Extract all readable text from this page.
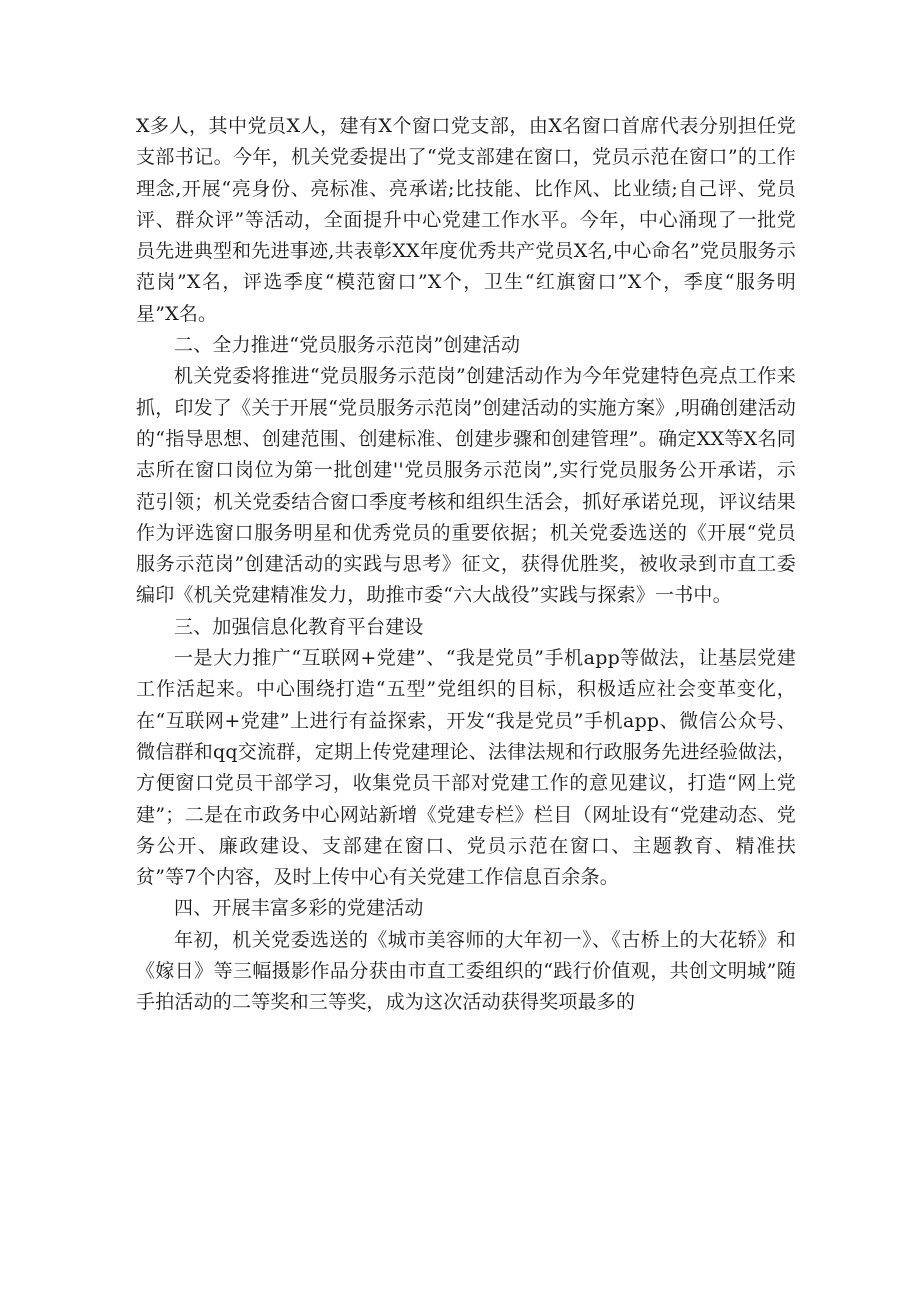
X多人，其中党员X人，建有X个窗口党支部，由X名窗口首席代表分别担任党支部书记。今年，机关党委提出了“党支部建在窗口，党员示范在窗口”的工作理念,开展“亮身份、亮标准、亮承诺;比技能、比作风、比业绩;自己评、党员评、群众评”等活动，全面提升中心党建工作水平。今年，中心涌现了一批党员先进典型和先进事迹,共表彰XX年度优秀共产党员X名,中心命名”党员服务示范岗”X名，评选季度“模范窗口”X个，卫生“红旗窗口”X个，季度“服务明星”X名。

二、全力推进“党员服务示范岗”创建活动

机关党委将推进“党员服务示范岗”创建活动作为今年党建特色亮点工作来抓，印发了《关于开展“党员服务示范岗”创建活动的实施方案》,明确创建活动的“指导思想、创建范围、创建标准、创建步骤和创建管理”。确定XX等X名同志所在窗口岗位为第一批创建''党员服务示范岗”,实行党员服务公开承诺，示范引领；机关党委结合窗口季度考核和组织生活会，抓好承诺兑现，评议结果作为评选窗口服务明星和优秀党员的重要依据；机关党委选送的《开展“党员服务示范岗”创建活动的实践与思考》征文，获得优胜奖，被收录到市直工委编印《机关党建精准发力，助推市委“六大战役”实践与探索》一书中。

三、加强信息化教育平台建设

一是大力推广“互联网+党建”、“我是党员”手机app等做法，让基层党建工作活起来。中心围绕打造“五型”党组织的目标，积极适应社会变革变化，在“互联网+党建”上进行有益探索，开发“我是党员”手机app、微信公众号、微信群和qq交流群，定期上传党建理论、法律法规和行政服务先进经验做法，方便窗口党员干部学习，收集党员干部对党建工作的意见建议，打造“网上党建”；二是在市政务中心网站新增《党建专栏》栏目（网址设有“党建动态、党务公开、廉政建设、支部建在窗口、党员示范在窗口、主题教育、精准扶贫”等7个内容，及时上传中心有关党建工作信息百余条。

四、开展丰富多彩的党建活动

年初，机关党委选送的《城市美容师的大年初一》、《古桥上的大花轿》和《嫁日》等三幅摄影作品分获由市直工委组织的“践行价值观，共创文明城”随手拍活动的二等奖和三等奖，成为这次活动获得奖项最多的
